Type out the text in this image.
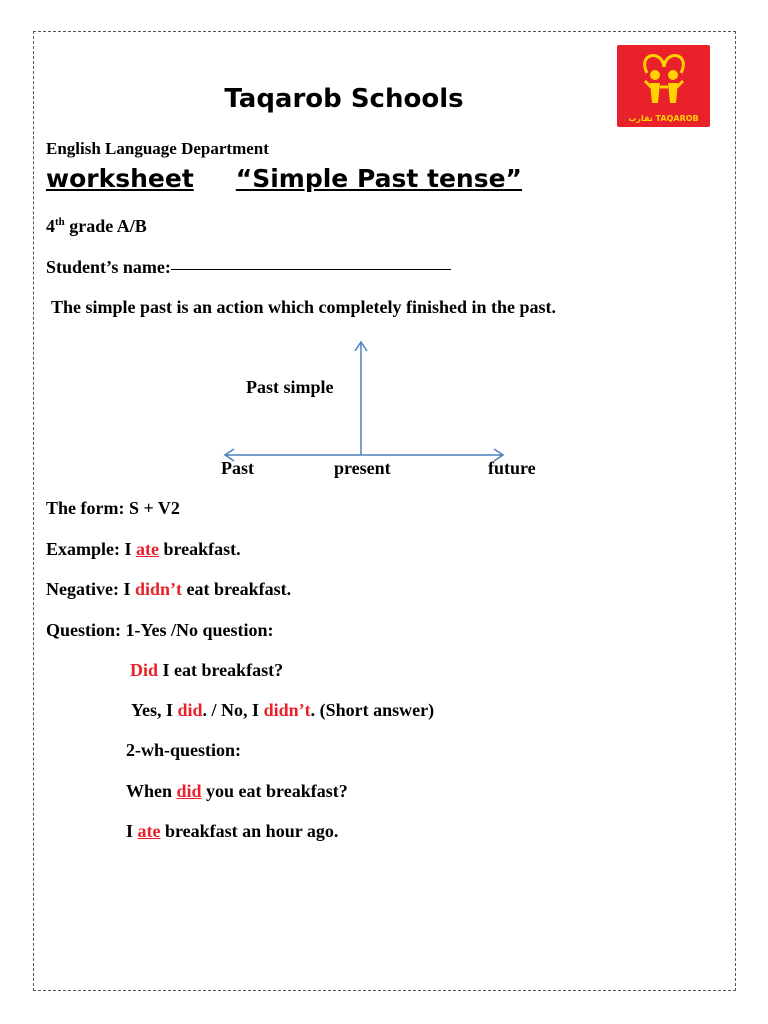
Taqarob Schools
تقارب TAQAROB
English Language Department
worksheet “Simple Past tense”
4th grade A/B
Student’s name:
The simple past is an action which completely finished in the past.
Past simple
Past	present	future
The form: S + V2
Example: I ate breakfast.
Negative: I didn’t eat breakfast.
Question: 1-Yes /No question:
Did I eat breakfast?
Yes, I did. / No, I didn’t. (Short answer)
2-wh-question:
When did you eat breakfast?
I ate breakfast an hour ago.
